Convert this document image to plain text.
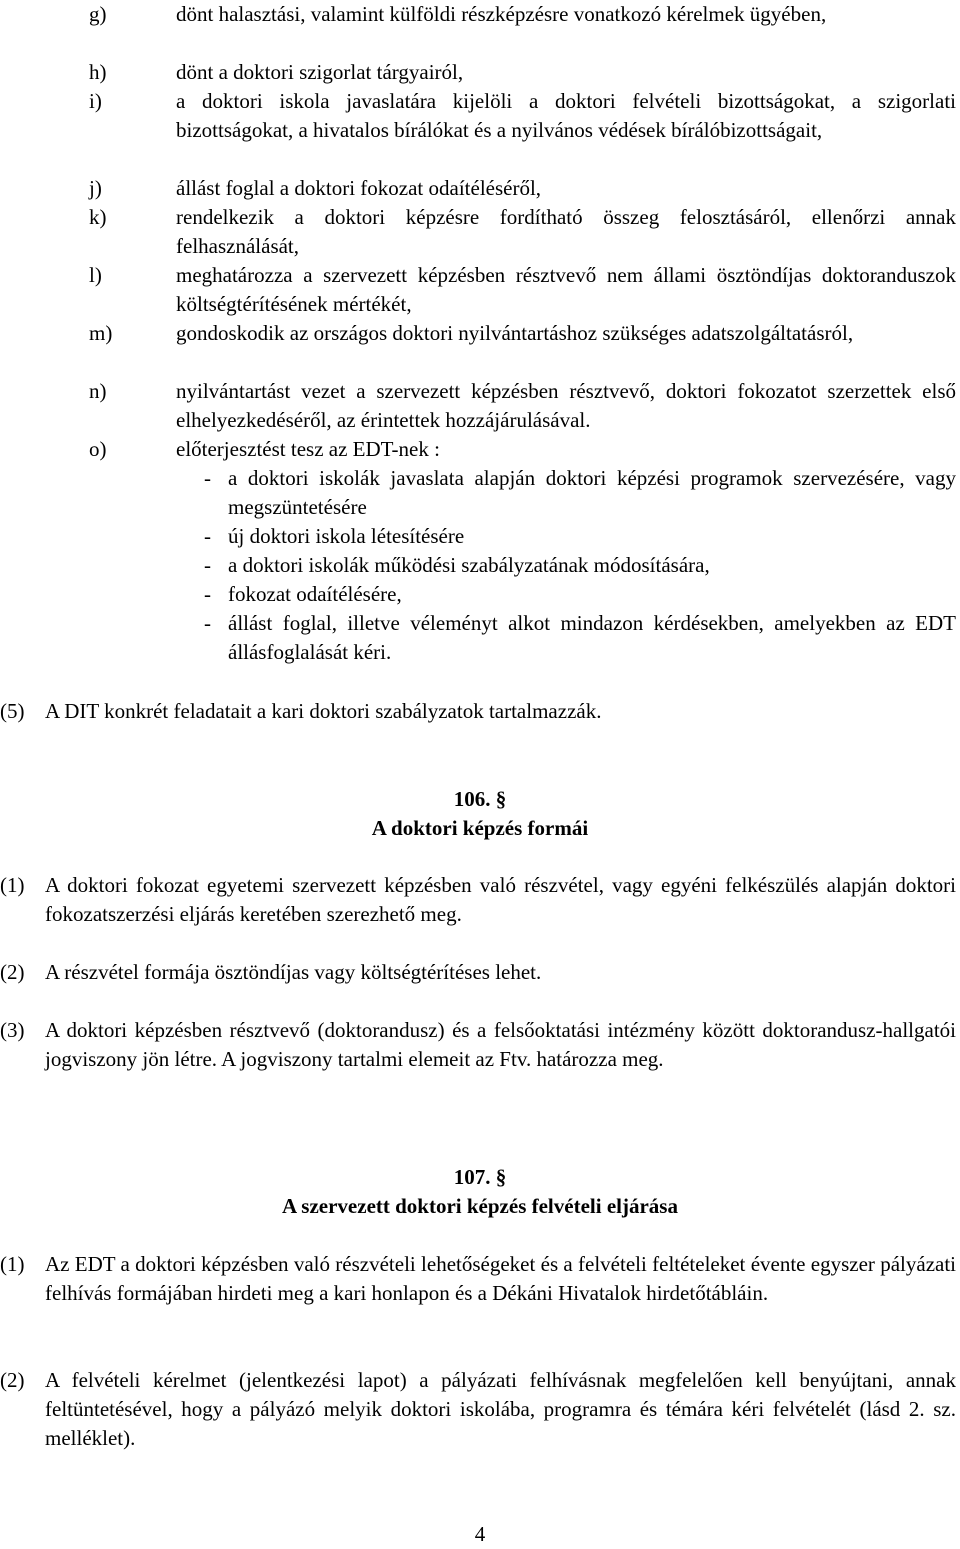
g)	dönt halasztási, valamint külföldi részképzésre vonatkozó kérelmek ügyében,
h)	dönt a doktori szigorlat tárgyairól,
i)	a doktori iskola javaslatára kijelöli a doktori felvételi bizottságokat, a szigorlati bizottságokat, a hivatalos bírálókat és a nyilvános védések bírálóbizottságait,
j)	állást foglal a doktori fokozat odaítéléséről,
k)	rendelkezik a doktori képzésre fordítható összeg felosztásáról, ellenőrzi annak felhasználását,
l)	meghatározza a szervezett képzésben résztvevő nem állami ösztöndíjas doktoranduszok költségtérítésének mértékét,
m)	gondoskodik az országos doktori nyilvántartáshoz szükséges adatszolgáltatásról,
n)	nyilvántartást vezet a szervezett képzésben résztvevő, doktori fokozatot szerzettek első elhelyezkedéséről, az érintettek hozzájárulásával.
o)	előterjesztést tesz az EDT-nek :
- a doktori iskolák javaslata alapján doktori képzési programok szervezésére, vagy megszüntetésére
- új doktori iskola létesítésére
- a doktori iskolák működési szabályzatának módosítására,
- fokozat odaítélésére,
- állást foglal, illetve véleményt alkot mindazon kérdésekben, amelyekben az EDT állásfoglalását kéri.
(5) A DIT konkrét feladatait a kari doktori szabályzatok tartalmazzák.
106. §
A doktori képzés formái
(1) A doktori fokozat egyetemi szervezett képzésben való részvétel, vagy egyéni felkészülés alapján doktori fokozatszerzési eljárás keretében szerezhető meg.
(2) A részvétel formája ösztöndíjas vagy költségtérítéses lehet.
(3) A doktori képzésben résztvevő (doktorandusz) és a felsőoktatási intézmény között doktorandusz-hallgatói jogviszony jön létre. A jogviszony tartalmi elemeit az Ftv. határozza meg.
107. §
A szervezett doktori képzés felvételi eljárása
(1) Az EDT a doktori képzésben való részvételi lehetőségeket és a felvételi feltételeket évente egyszer pályázati felhívás formájában hirdeti meg a kari honlapon és a Dékáni Hivatalok hirdetőtábláin.
(2) A felvételi kérelmet (jelentkezési lapot) a pályázati felhívásnak megfelelően kell benyújtani, annak feltüntetésével, hogy a pályázó melyik doktori iskolába, programra és témára kéri felvételét (lásd 2. sz. melléklet).
4
